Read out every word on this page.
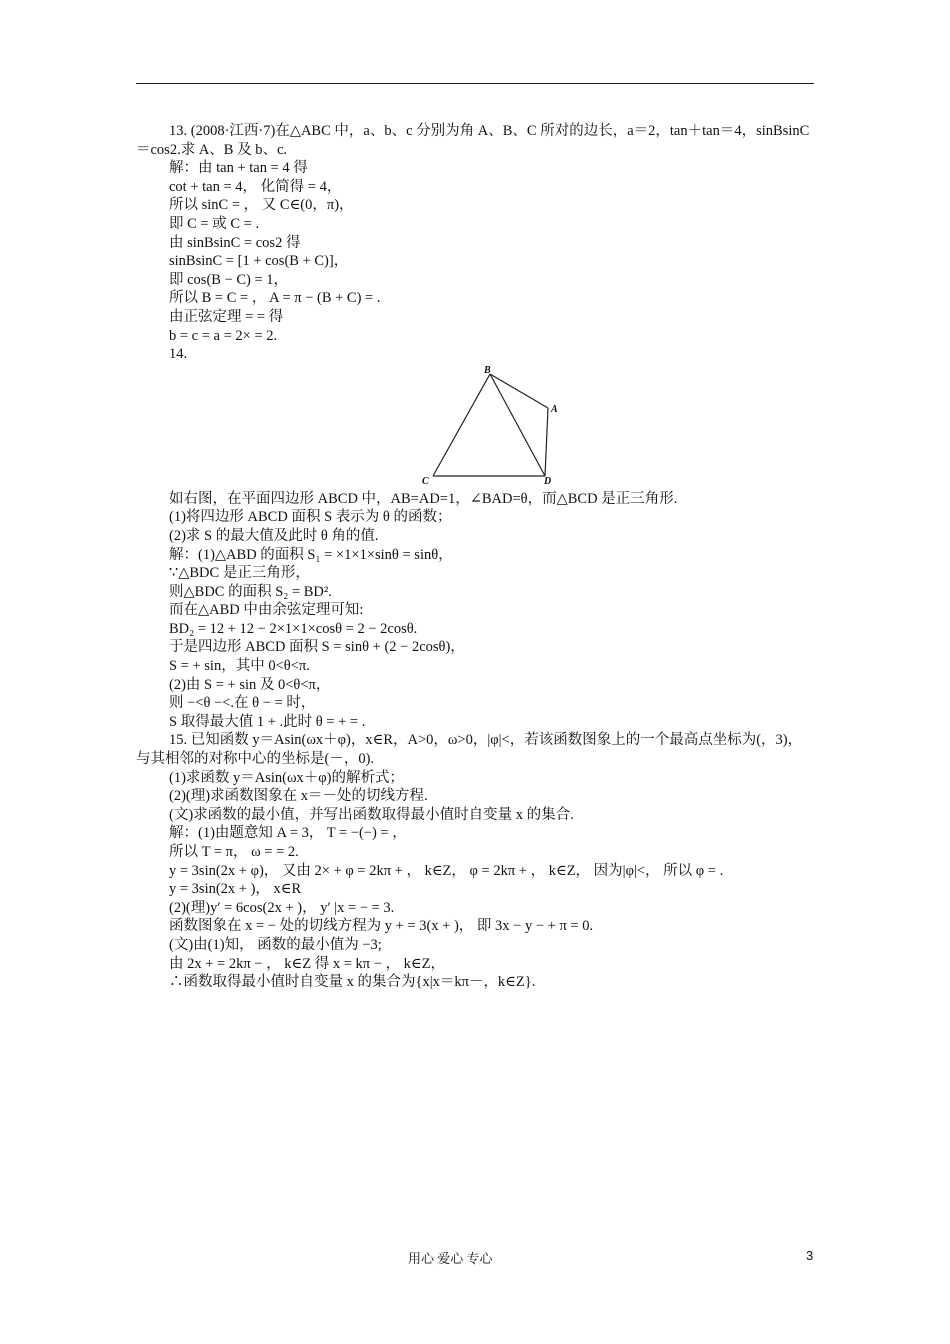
13. (2008·江西·7)在△ABC 中，a、b、c 分别为角 A、B、C 所对的边长，a＝2，tan＋tan＝4，sinBsinC＝cos2.求 A、B 及 b、c.

解：由 tan + tan = 4 得

cot + tan = 4， 化简得 = 4，

所以 sinC = ， 又 C∈(0，π)，

即 C = 或 C = .

由 sinBsinC = cos2 得

sinBsinC = [1 + cos(B + C)]，

即 cos(B − C) = 1，

所以 B = C = ， A = π − (B + C) = .

由正弦定理 = = 得

b = c = a = 2× = 2.

14.

B
A
C	D

如右图，在平面四边形 ABCD 中，AB=AD=1，∠BAD=θ，而△BCD 是正三角形.

(1)将四边形 ABCD 面积 S 表示为 θ 的函数；

(2)求 S 的最大值及此时 θ 角的值.

解：(1)△ABD 的面积 S₁ = ×1×1×sinθ = sinθ，

∵△BDC 是正三角形，

则△BDC 的面积 S₂ = BD².

而在△ABD 中由余弦定理可知:

BD₂ = 12 + 12 − 2×1×1×cosθ = 2 − 2cosθ.

于是四边形 ABCD 面积 S = sinθ + (2 − 2cosθ)，

S = + sin，其中 0<θ<π.

(2)由 S = + sin 及 0<θ<π，

则 −<θ −<.在 θ − = 时，

S 取得最大值 1 + .此时 θ = + = .

15. 已知函数 y＝Asin(ωx＋φ)，x∈R，A>0，ω>0，|φ|<，若该函数图象上的一个最高点坐标为(，3)，与其相邻的对称中心的坐标是(－，0).

(1)求函数 y＝Asin(ωx＋φ)的解析式；

(2)(理)求函数图象在 x＝－处的切线方程.

(文)求函数的最小值，并写出函数取得最小值时自变量 x 的集合.

解：(1)由题意知 A = 3， T = −(−) = ，

所以 T = π， ω = = 2.

y = 3sin(2x + φ)， 又由 2× + φ = 2kπ + ， k∈Z， φ = 2kπ + ， k∈Z， 因为|φ|<， 所以 φ = .

y = 3sin(2x + )， x∈R

(2)(理)y′ = 6cos(2x + )， y′ |x = − = 3.

函数图象在 x = − 处的切线方程为 y + = 3(x + )， 即 3x − y − + π = 0.

(文)由(1)知， 函数的最小值为 −3;

由 2x + = 2kπ − ， k∈Z 得 x = kπ − ， k∈Z，

∴函数取得最小值时自变量 x 的集合为{x|x＝kπ－，k∈Z}.

用心 爱心 专心	3
